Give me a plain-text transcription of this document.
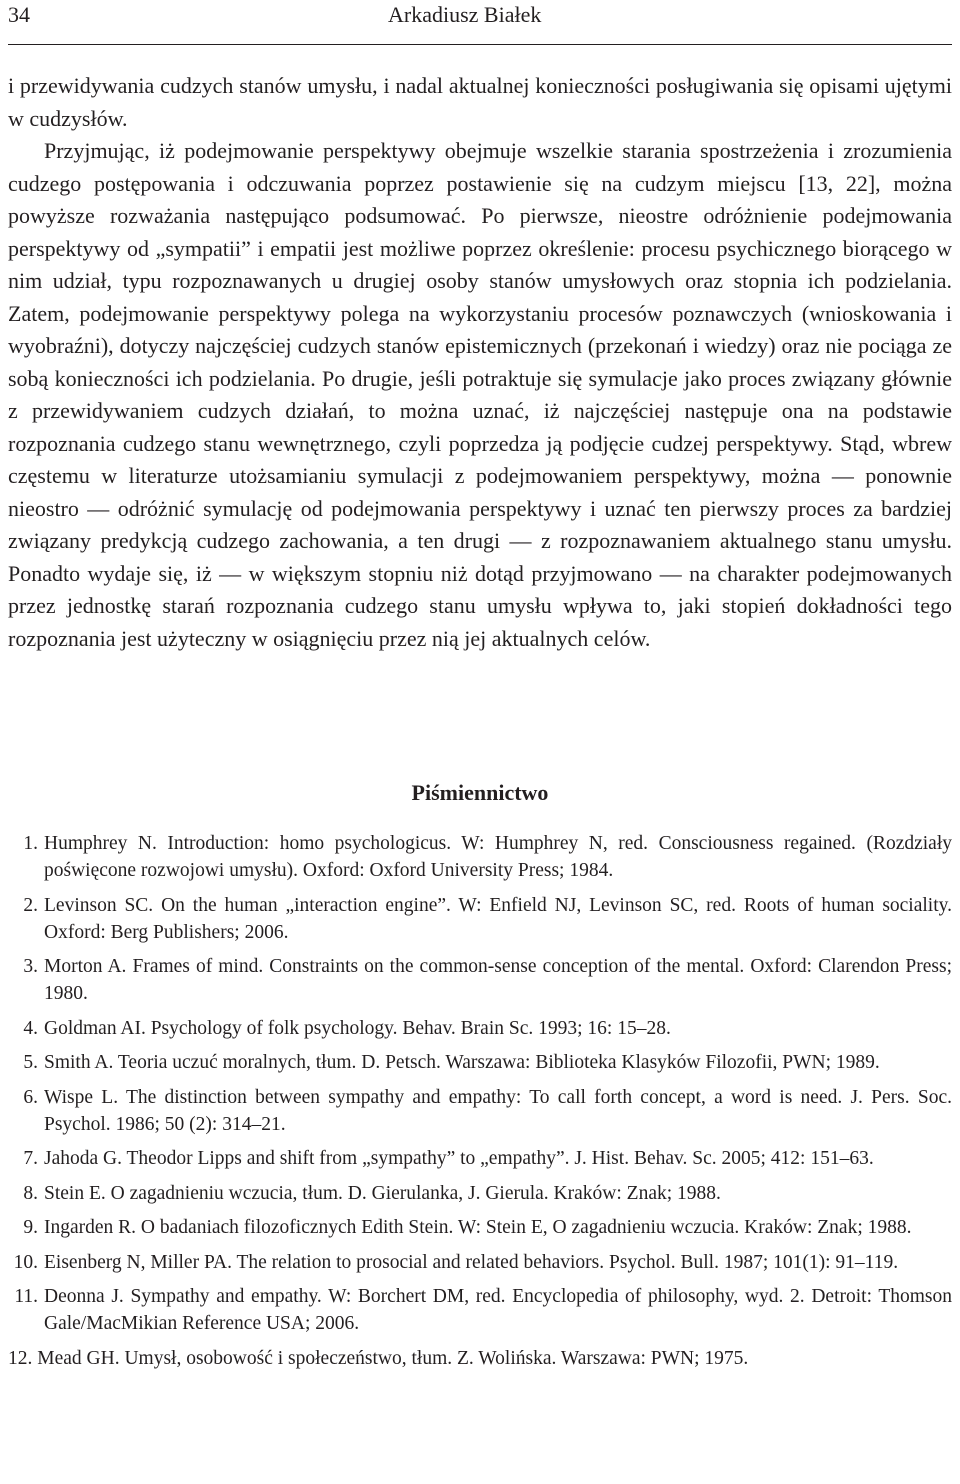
34	Arkadiusz Białek

i przewidywania cudzych stanów umysłu, i nadal aktualnej konieczności posługiwania się opisami ujętymi w cudzysłów.

Przyjmując, iż podejmowanie perspektywy obejmuje wszelkie starania spostrzeżenia i zrozumienia cudzego postępowania i odczuwania poprzez postawienie się na cudzym miejscu [13, 22], można powyższe rozważania następująco podsumować. Po pierwsze, nieostre odróżnienie podejmowania perspektywy od „sympatii” i empatii jest możliwe poprzez określenie: procesu psychicznego biorącego w nim udział, typu rozpoznawanych u drugiej osoby stanów umysłowych oraz stopnia ich podzielania. Zatem, podejmowanie perspektywy polega na wykorzystaniu procesów poznawczych (wnioskowania i wyobraźni), dotyczy najczęściej cudzych stanów epistemicznych (przekonań i wiedzy) oraz nie pociąga ze sobą konieczności ich podzielania. Po drugie, jeśli potraktuje się symulacje jako proces związany głównie z przewidywaniem cudzych działań, to można uznać, iż najczęściej następuje ona na podstawie rozpoznania cudzego stanu wewnętrznego, czyli poprzedza ją podjęcie cudzej perspektywy. Stąd, wbrew częstemu w literaturze utożsamianiu symulacji z podejmowaniem perspektywy, można — ponownie nieostro — odróżnić symulację od podejmowania perspektywy i uznać ten pierwszy proces za bardziej związany predykcją cudzego zachowania, a ten drugi — z rozpoznawaniem aktualnego stanu umysłu. Ponadto wydaje się, iż — w większym stopniu niż dotąd przyjmowano — na charakter podejmowanych przez jednostkę starań rozpoznania cudzego stanu umysłu wpływa to, jaki stopień dokładności tego rozpoznania jest użyteczny w osiągnięciu przez nią jej aktualnych celów.

Piśmiennictwo
1. Humphrey N. Introduction: homo psychologicus. W: Humphrey N, red. Consciousness regained. (Rozdziały poświęcone rozwojowi umysłu). Oxford: Oxford University Press; 1984.
2. Levinson SC. On the human „interaction engine”. W: Enfield NJ, Levinson SC, red. Roots of human sociality. Oxford: Berg Publishers; 2006.
3. Morton A. Frames of mind. Constraints on the common-sense conception of the mental. Oxford: Clarendon Press; 1980.
4. Goldman AI. Psychology of folk psychology. Behav. Brain Sc. 1993; 16: 15–28.
5. Smith A. Teoria uczuć moralnych, tłum. D. Petsch. Warszawa: Biblioteka Klasyków Filozofii, PWN; 1989.
6. Wispe L. The distinction between sympathy and empathy: To call forth concept, a word is need. J. Pers. Soc. Psychol. 1986; 50 (2): 314–21.
7. Jahoda G. Theodor Lipps and shift from „sympathy” to „empathy”. J. Hist. Behav. Sc. 2005; 412: 151–63.
8. Stein E. O zagadnieniu wczucia, tłum. D. Gierulanka, J. Gierula. Kraków: Znak; 1988.
9. Ingarden R. O badaniach filozoficznych Edith Stein. W: Stein E, O zagadnieniu wczucia. Kraków: Znak; 1988.
10. Eisenberg N, Miller PA. The relation to prosocial and related behaviors. Psychol. Bull. 1987; 101(1): 91–119.
11. Deonna J. Sympathy and empathy. W: Borchert DM, red. Encyclopedia of philosophy, wyd. 2. Detroit: Thomson Gale/MacMikian Reference USA; 2006.
12. Mead GH. Umysł, osobowość i społeczeństwo, tłum. Z. Wolińska. Warszawa: PWN; 1975.
